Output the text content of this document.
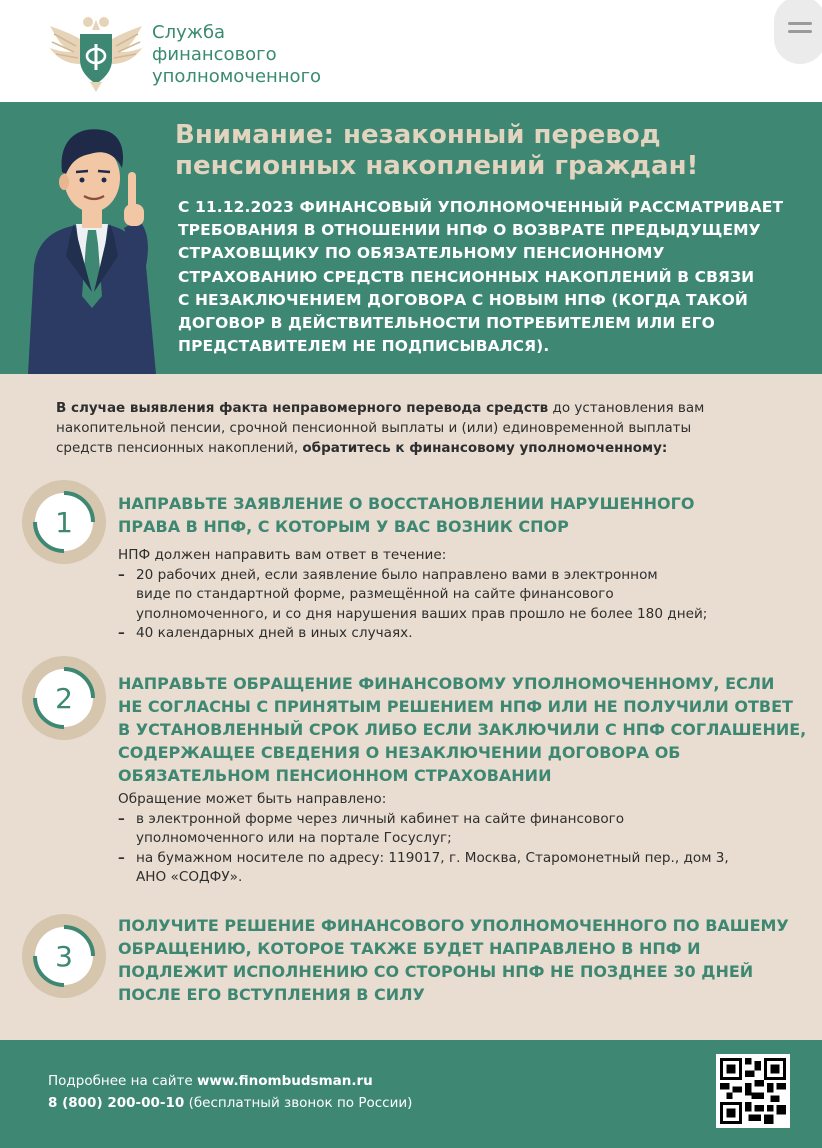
Служба
финансового
уполномоченного
Внимание: незаконный перевод
пенсионных накоплений граждан!
С 11.12.2023 ФИНАНСОВЫЙ УПОЛНОМОЧЕННЫЙ РАССМАТРИВАЕТ
ТРЕБОВАНИЯ В ОТНОШЕНИИ НПФ О ВОЗВРАТЕ ПРЕДЫДУЩЕМУ
СТРАХОВЩИКУ ПО ОБЯЗАТЕЛЬНОМУ ПЕНСИОННОМУ
СТРАХОВАНИЮ СРЕДСТВ ПЕНСИОННЫХ НАКОПЛЕНИЙ В СВЯЗИ
С НЕЗАКЛЮЧЕНИЕМ ДОГОВОРА С НОВЫМ НПФ (КОГДА ТАКОЙ
ДОГОВОР В ДЕЙСТВИТЕЛЬНОСТИ ПОТРЕБИТЕЛЕМ ИЛИ ЕГО
ПРЕДСТАВИТЕЛЕМ НЕ ПОДПИСЫВАЛСЯ).
В случае выявления факта неправомерного перевода средств до установления вам
накопительной пенсии, срочной пенсионной выплаты и (или) единовременной выплаты
средств пенсионных накоплений, обратитесь к финансовому уполномоченному:
1
НАПРАВЬТЕ ЗАЯВЛЕНИЕ О ВОССТАНОВЛЕНИИ НАРУШЕННОГО
ПРАВА В НПФ, С КОТОРЫМ У ВАС ВОЗНИК СПОР
НПФ должен направить вам ответ в течение:
– 20 рабочих дней, если заявление было направлено вами в электронном
виде по стандартной форме, размещённой на сайте финансового
уполномоченного, и со дня нарушения ваших прав прошло не более 180 дней;
– 40 календарных дней в иных случаях.
2	НАПРАВЬТЕ ОБРАЩЕНИЕ ФИНАНСОВОМУ УПОЛНОМОЧЕННОМУ, ЕСЛИ
НЕ СОГЛАСНЫ С ПРИНЯТЫМ РЕШЕНИЕМ НПФ ИЛИ НЕ ПОЛУЧИЛИ ОТВЕТ
В УСТАНОВЛЕННЫЙ СРОК ЛИБО ЕСЛИ ЗАКЛЮЧИЛИ С НПФ СОГЛАШЕНИЕ,
СОДЕРЖАЩЕЕ СВЕДЕНИЯ О НЕЗАКЛЮЧЕНИИ ДОГОВОРА ОБ
ОБЯЗАТЕЛЬНОМ ПЕНСИОННОМ СТРАХОВАНИИ
Обращение может быть направлено:
– в электронной форме через личный кабинет на сайте финансового
уполномоченного или на портале Госуслуг;
– на бумажном носителе по адресу: 119017, г. Москва, Старомонетный пер., дом 3,
АНО «СОДФУ».
3
ПОЛУЧИТЕ РЕШЕНИЕ ФИНАНСОВОГО УПОЛНОМОЧЕННОГО ПО ВАШЕМУ
ОБРАЩЕНИЮ, КОТОРОЕ ТАКЖЕ БУДЕТ НАПРАВЛЕНО В НПФ И
ПОДЛЕЖИТ ИСПОЛНЕНИЮ СО СТОРОНЫ НПФ НЕ ПОЗДНЕЕ 30 ДНЕЙ
ПОСЛЕ ЕГО ВСТУПЛЕНИЯ В СИЛУ
Подробнее на сайте www.finombudsman.ru
8 (800) 200-00-10 (бесплатный звонок по России)
